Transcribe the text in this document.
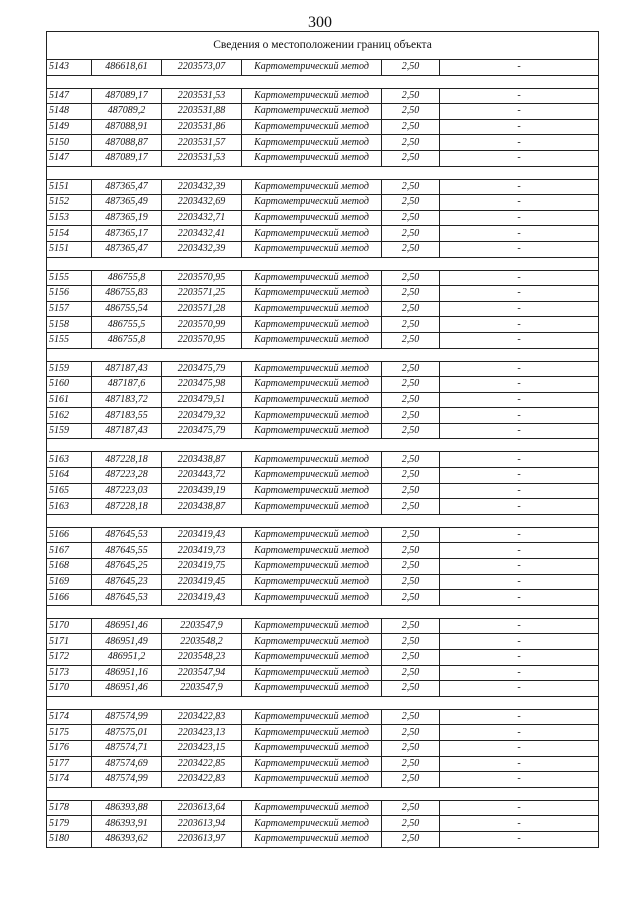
300
Сведения о местоположении границ объекта					
5143	486618,61	2203573,07	Картометрический метод	2,50	-

5147	487089,17	2203531,53	Картометрический метод	2,50	-
5148	487089,2	2203531,88	Картометрический метод	2,50	-
5149	487088,91	2203531,86	Картометрический метод	2,50	-
5150	487088,87	2203531,57	Картометрический метод	2,50	-
5147	487089,17	2203531,53	Картометрический метод	2,50	-

5151	487365,47	2203432,39	Картометрический метод	2,50	-
5152	487365,49	2203432,69	Картометрический метод	2,50	-
5153	487365,19	2203432,71	Картометрический метод	2,50	-
5154	487365,17	2203432,41	Картометрический метод	2,50	-
5151	487365,47	2203432,39	Картометрический метод	2,50	-

5155	486755,8	2203570,95	Картометрический метод	2,50	-
5156	486755,83	2203571,25	Картометрический метод	2,50	-
5157	486755,54	2203571,28	Картометрический метод	2,50	-
5158	486755,5	2203570,99	Картометрический метод	2,50	-
5155	486755,8	2203570,95	Картометрический метод	2,50	-

5159	487187,43	2203475,79	Картометрический метод	2,50	-
5160	487187,6	2203475,98	Картометрический метод	2,50	-
5161	487183,72	2203479,51	Картометрический метод	2,50	-
5162	487183,55	2203479,32	Картометрический метод	2,50	-
5159	487187,43	2203475,79	Картометрический метод	2,50	-

5163	487228,18	2203438,87	Картометрический метод	2,50	-
5164	487223,28	2203443,72	Картометрический метод	2,50	-
5165	487223,03	2203439,19	Картометрический метод	2,50	-
5163	487228,18	2203438,87	Картометрический метод	2,50	-

5166	487645,53	2203419,43	Картометрический метод	2,50	-
5167	487645,55	2203419,73	Картометрический метод	2,50	-
5168	487645,25	2203419,75	Картометрический метод	2,50	-
5169	487645,23	2203419,45	Картометрический метод	2,50	-
5166	487645,53	2203419,43	Картометрический метод	2,50	-

5170	486951,46	2203547,9	Картометрический метод	2,50	-
5171	486951,49	2203548,2	Картометрический метод	2,50	-
5172	486951,2	2203548,23	Картометрический метод	2,50	-
5173	486951,16	2203547,94	Картометрический метод	2,50	-
5170	486951,46	2203547,9	Картометрический метод	2,50	-

5174	487574,99	2203422,83	Картометрический метод	2,50	-
5175	487575,01	2203423,13	Картометрический метод	2,50	-
5176	487574,71	2203423,15	Картометрический метод	2,50	-
5177	487574,69	2203422,85	Картометрический метод	2,50	-
5174	487574,99	2203422,83	Картометрический метод	2,50	-

5178	486393,88	2203613,64	Картометрический метод	2,50	-
5179	486393,91	2203613,94	Картометрический метод	2,50	-
5180	486393,62	2203613,97	Картометрический метод	2,50	-
